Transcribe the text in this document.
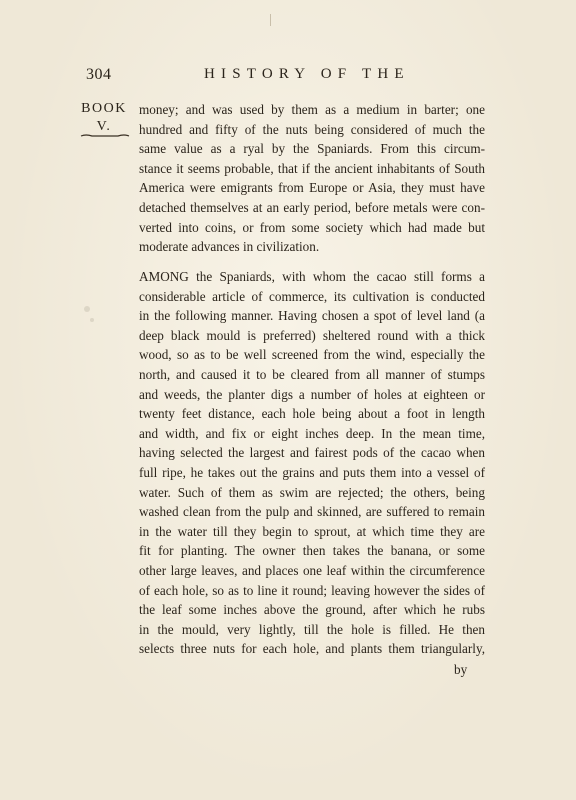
304	HISTORY OF THE
BOOK
V.
money; and was used by them as a medium in barter; one
hundred and fifty of the nuts being considered of much the
same value as a ryal by the Spaniards. From this circum-
stance it seems probable, that if the ancient inhabitants of South
America were emigrants from Europe or Asia, they must have
detached themselves at an early period, before metals were con-
verted into coins, or from some society which had made but
moderate advances in civilization.
AMONG the Spaniards, with whom the cacao still forms a
considerable article of commerce, its cultivation is conducted
in the following manner. Having chosen a spot of level land (a
deep black mould is preferred) sheltered round with a thick
wood, so as to be well screened from the wind, especially the
north, and caused it to be cleared from all manner of stumps
and weeds, the planter digs a number of holes at eighteen or
twenty feet distance, each hole being about a foot in length
and width, and fix or eight inches deep. In the mean time,
having selected the largest and fairest pods of the cacao when
full ripe, he takes out the grains and puts them into a vessel of
water. Such of them as swim are rejected; the others, being
washed clean from the pulp and skinned, are suffered to remain
in the water till they begin to sprout, at which time they are
fit for planting. The owner then takes the banana, or some
other large leaves, and places one leaf within the circumference
of each hole, so as to line it round; leaving however the sides of
the leaf some inches above the ground, after which he rubs
in the mould, very lightly, till the hole is filled. He then
selects three nuts for each hole, and plants them triangularly,
by
